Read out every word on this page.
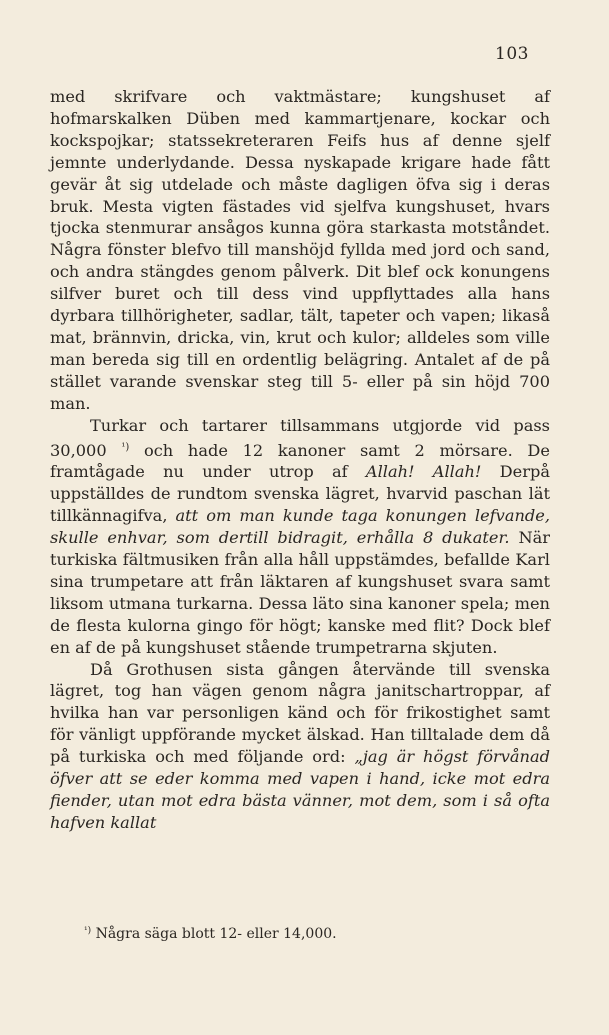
103

med skrifvare och vaktmästare; kungshuset af hofmarskalken Düben med kammartjenare, kockar och kockspojkar; statssekreteraren Feifs hus af denne sjelf jemnte underlydande. Dessa nyskapade krigare hade fått gevär åt sig utdelade och måste dagligen öfva sig i deras bruk. Mesta vigten fästades vid sjelfva kungshuset, hvars tjocka stenmurar ansågos kunna göra starkasta motståndet. Några fönster blefvo till manshöjd fyllda med jord och sand, och andra stängdes genom pålverk. Dit blef ock konungens silfver buret och till dess vind uppflyttades alla hans dyrbara tillhörigheter, sadlar, tält, tapeter och vapen; likaså mat, brännvin, dricka, vin, krut och kulor; alldeles som ville man bereda sig till en ordentlig belägring. Antalet af de på stället varande svenskar steg till 5- eller på sin höjd 700 man.

Turkar och tartarer tillsammans utgjorde vid pass 30,000 $^{^1)}$ och hade 12 kanoner samt 2 mörsare. De framtågade nu under utrop af Allah! Allah! Derpå uppställdes de rundtom svenska lägret, hvarvid paschan lät tillkännagifva, att om man kunde taga konungen lefvande, skulle enhvar, som dertill bidragit, erhålla 8 dukater. När turkiska fältmusiken från alla håll uppstämdes, befallde Karl sina trumpetare att från läktaren af kungshuset svara samt liksom utmana turkarna. Dessa läto sina kanoner spela; men de flesta kulorna gingo för högt; kanske med flit? Dock blef en af de på kungshuset stående trumpetrarna skjuten.

Då Grothusen sista gången återvände till svenska lägret, tog han vägen genom några janitschartroppar, af hvilka han var personligen känd och för frikostighet samt för vänligt uppförande mycket älskad. Han tilltalade dem då på turkiska och med följande ord: „jag är högst förvånad öfver att se eder komma med vapen i hand, icke mot edra fiender, utan mot edra bästa vänner, mot dem, som i så ofta hafven kallat

$^{^1)}$ Några säga blott 12- eller 14,000.
